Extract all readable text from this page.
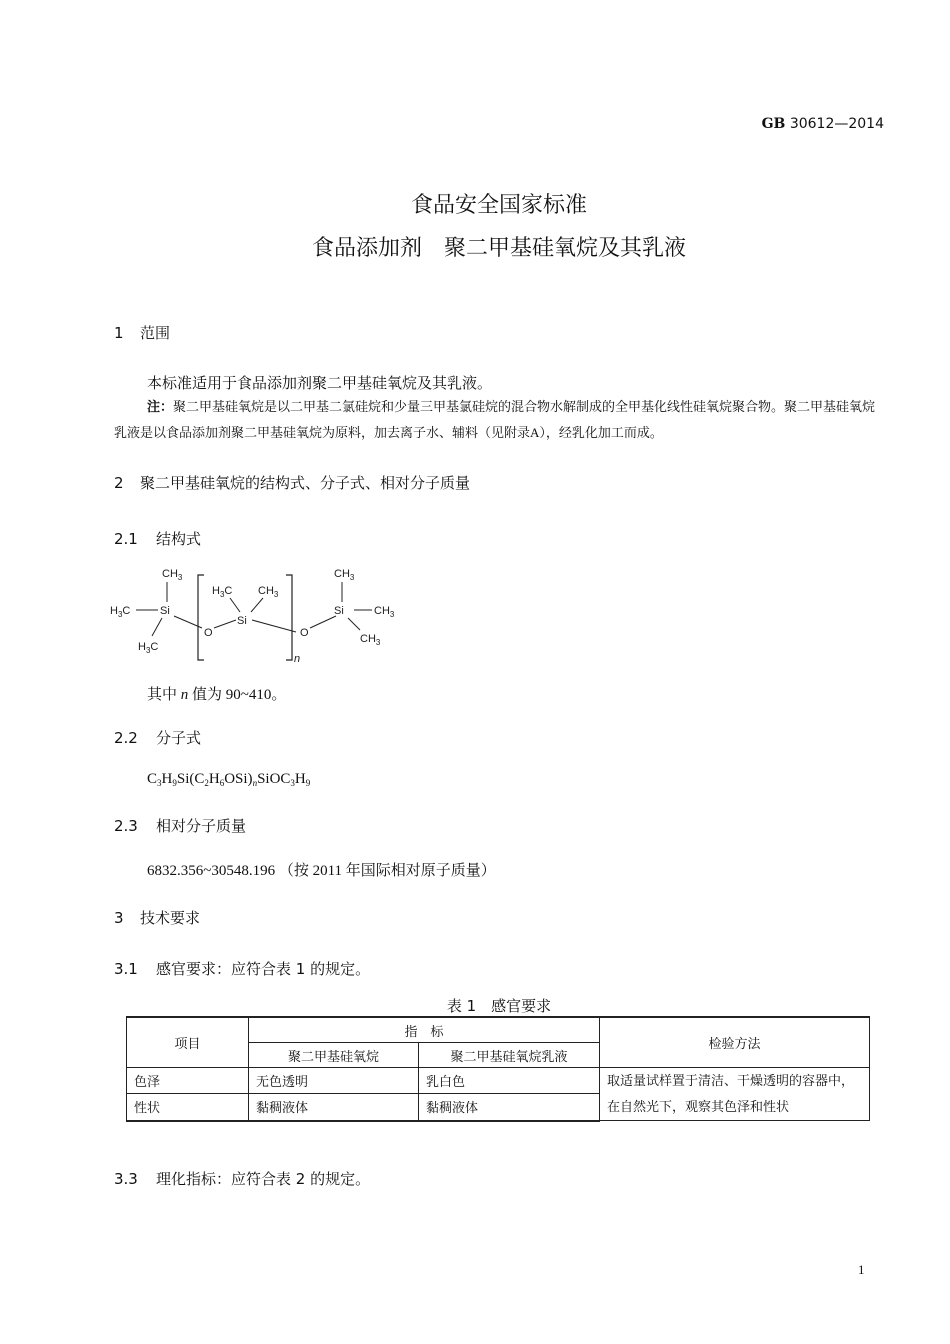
GB 30612—2014
食品安全国家标准
食品添加剂　聚二甲基硅氧烷及其乳液
1 范围
本标准适用于食品添加剂聚二甲基硅氧烷及其乳液。
注：聚二甲基硅氧烷是以二甲基二氯硅烷和少量三甲基氯硅烷的混合物水解制成的全甲基化线性硅氧烷聚合物。聚二甲基硅氧烷乳液是以食品添加剂聚二甲基硅氧烷为原料，加去离子水、辅料（见附录A），经乳化加工而成。
2 聚二甲基硅氧烷的结构式、分子式、相对分子质量
2.1 结构式
$CH_3$
$H_3C$	Si
$H_3C$
O
n
$H_3C$ $CH_3$
Si
O
$CH_3$
Si	$CH_3$
$CH_3$
其中 n 值为 90~410。
2.2 分子式
$C_3H_9Si(C_2H_6OSi)_nSiOC_3H_9$
2.3 相对分子质量
6832.356~30548.196 （按 2011 年国际相对原子质量）
3 技术要求
3.1 感官要求：应符合表 1 的规定。
表 1　感官要求
项目	指　标		检验方法
	聚二甲基硅氧烷	聚二甲基硅氧烷乳液	
色泽	无色透明	乳白色	取适量试样置于清洁、干燥透明的容器中，在自然光下，观察其色泽和性状
性状	黏稠液体	黏稠液体	
3.3 理化指标：应符合表 2 的规定。
1
